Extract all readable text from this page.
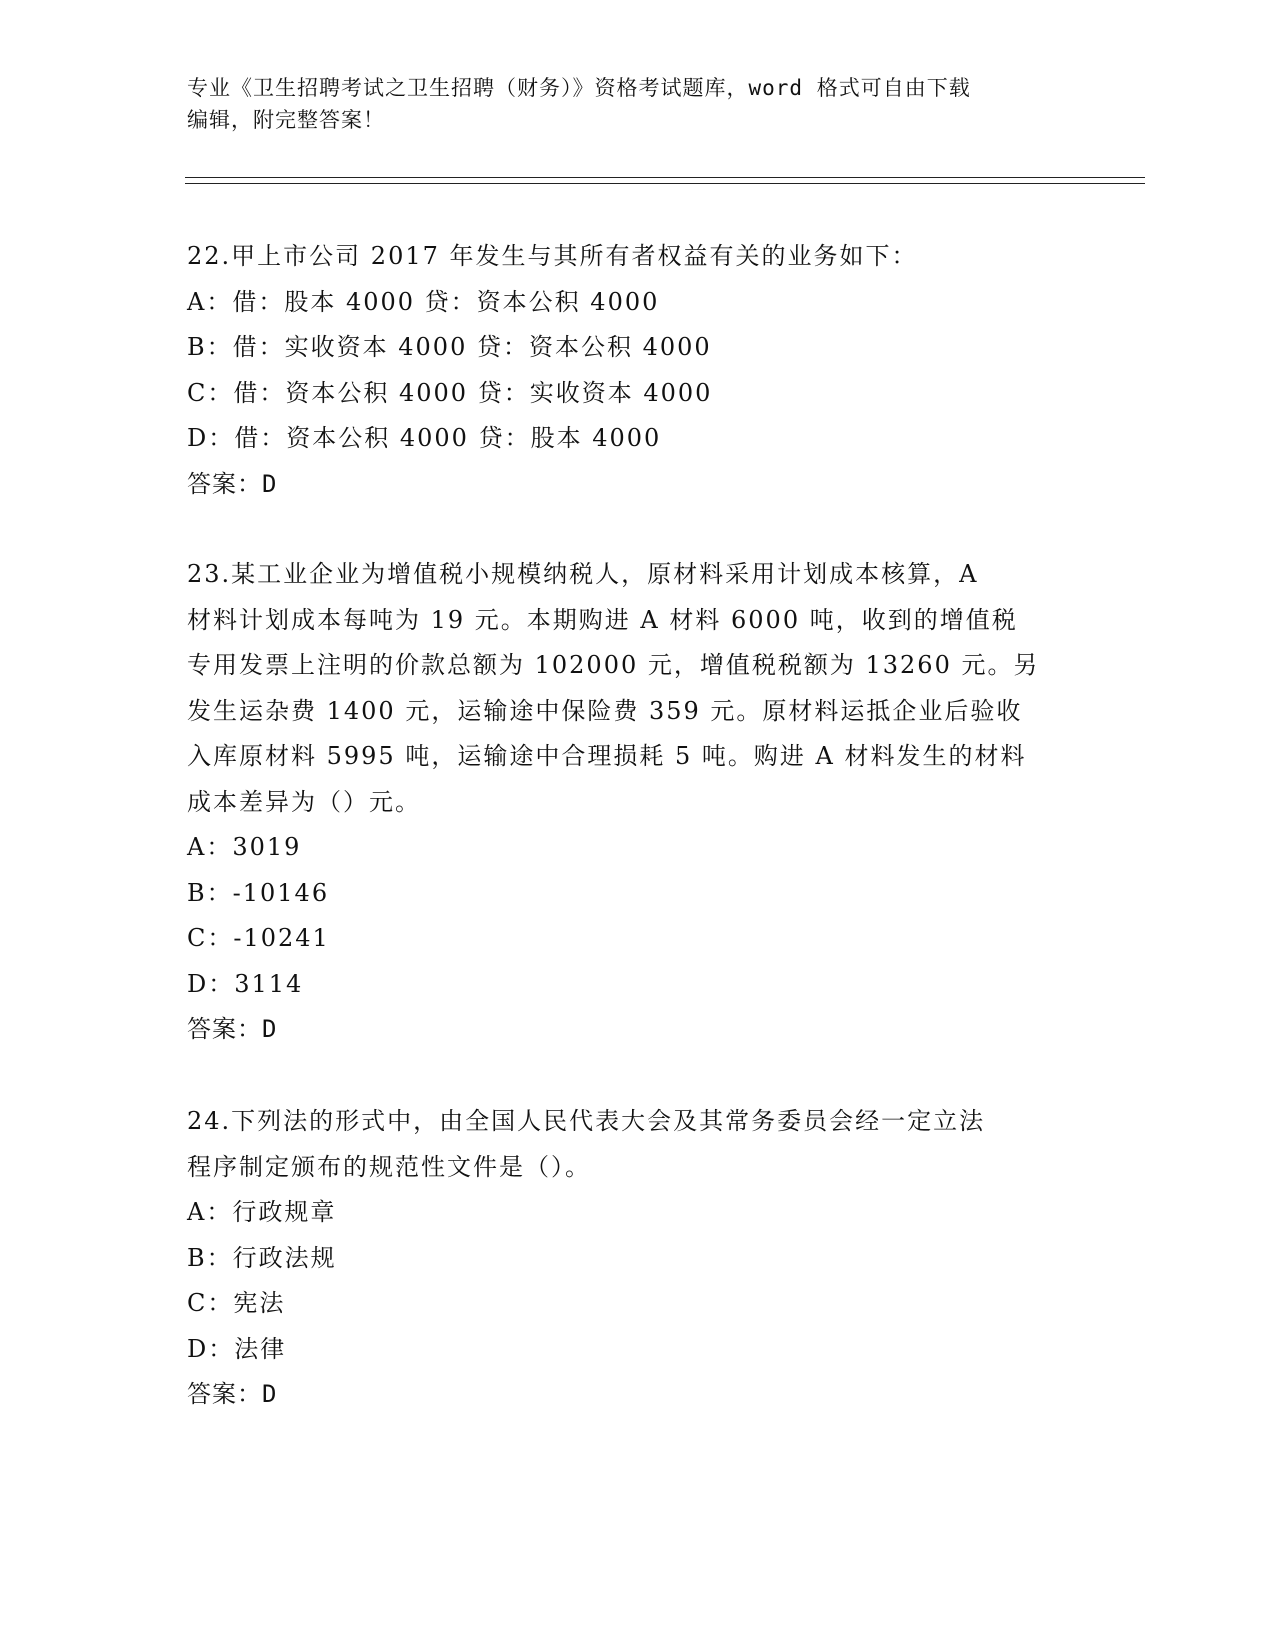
专业《卫生招聘考试之卫生招聘（财务）》资格考试题库，word 格式可自由下载
编辑，附完整答案！

22.甲上市公司 2017 年发生与其所有者权益有关的业务如下：

A：借：股本 4000 贷：资本公积 4000

B：借：实收资本 4000 贷：资本公积 4000

C：借：资本公积 4000 贷：实收资本 4000

D：借：资本公积 4000 贷：股本 4000

答案：D

23.某工业企业为增值税小规模纳税人，原材料采用计划成本核算，A

材料计划成本每吨为 19 元。本期购进 A 材料 6000 吨，收到的增值税

专用发票上注明的价款总额为 102000 元，增值税税额为 13260 元。另

发生运杂费 1400 元，运输途中保险费 359 元。原材料运抵企业后验收

入库原材料 5995 吨，运输途中合理损耗 5 吨。购进 A 材料发生的材料

成本差异为（）元。

A：3019

B：-10146

C：-10241

D：3114

答案：D

24.下列法的形式中，由全国人民代表大会及其常务委员会经一定立法

程序制定颁布的规范性文件是（）。

A：行政规章

B：行政法规

C：宪法

D：法律

答案：D
